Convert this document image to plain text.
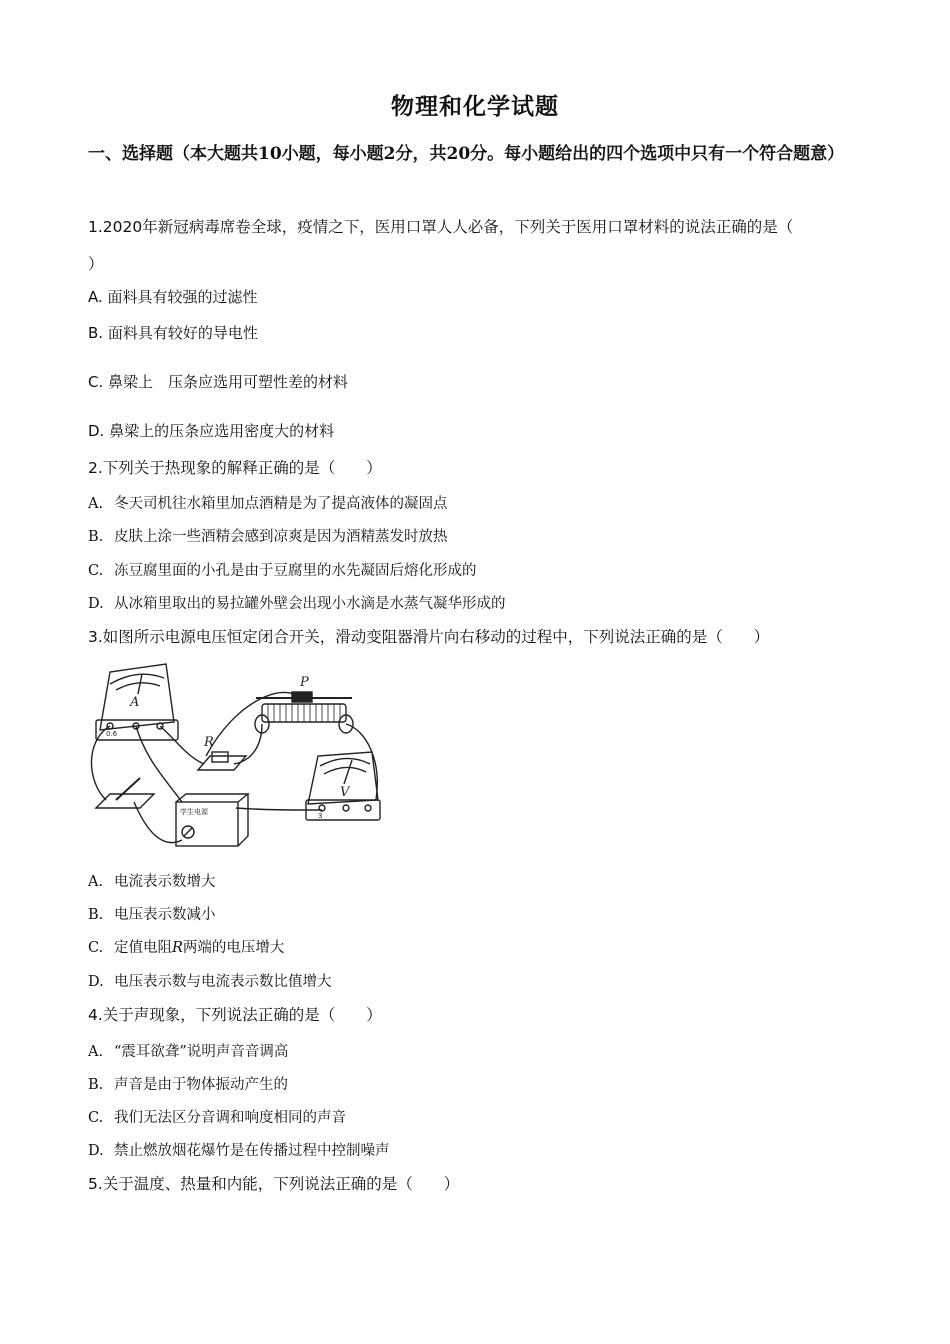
物理和化学试题
一、选择题（本大题共10小题，每小题2分，共20分。每小题给出的四个选项中只有一个符合题意）
1.2020年新冠病毒席卷全球，疫情之下，医用口罩人人必备，下列关于医用口罩材料的说法正确的是（
）
A. 面料具有较强的过滤性
B. 面料具有较好的导电性
C. 鼻梁上　压条应选用可塑性差的材料
D. 鼻梁上的压条应选用密度大的材料
2.下列关于热现象的解释正确的是（　　）
A. 冬天司机往水箱里加点酒精是为了提高液体的凝固点
B. 皮肤上涂一些酒精会感到凉爽是因为酒精蒸发时放热
C. 冻豆腐里面的小孔是由于豆腐里的水先凝固后熔化形成的
D. 从冰箱里取出的易拉罐外壁会出现小水滴是水蒸气凝华形成的
3.如图所示电源电压恒定闭合开关，滑动变阻器滑片向右移动的过程中，下列说法正确的是（　　）
A
V
R
P
学生电源
0.6
3
A. 电流表示数增大
B. 电压表示数减小
C. 定值电阻R两端的电压增大
D. 电压表示数与电流表示数比值增大
4.关于声现象，下列说法正确的是（　　）
A. “震耳欲聋”说明声音音调高
B. 声音是由于物体振动产生的
C. 我们无法区分音调和响度相同的声音
D. 禁止燃放烟花爆竹是在传播过程中控制噪声
5.关于温度、热量和内能，下列说法正确的是（　　）
